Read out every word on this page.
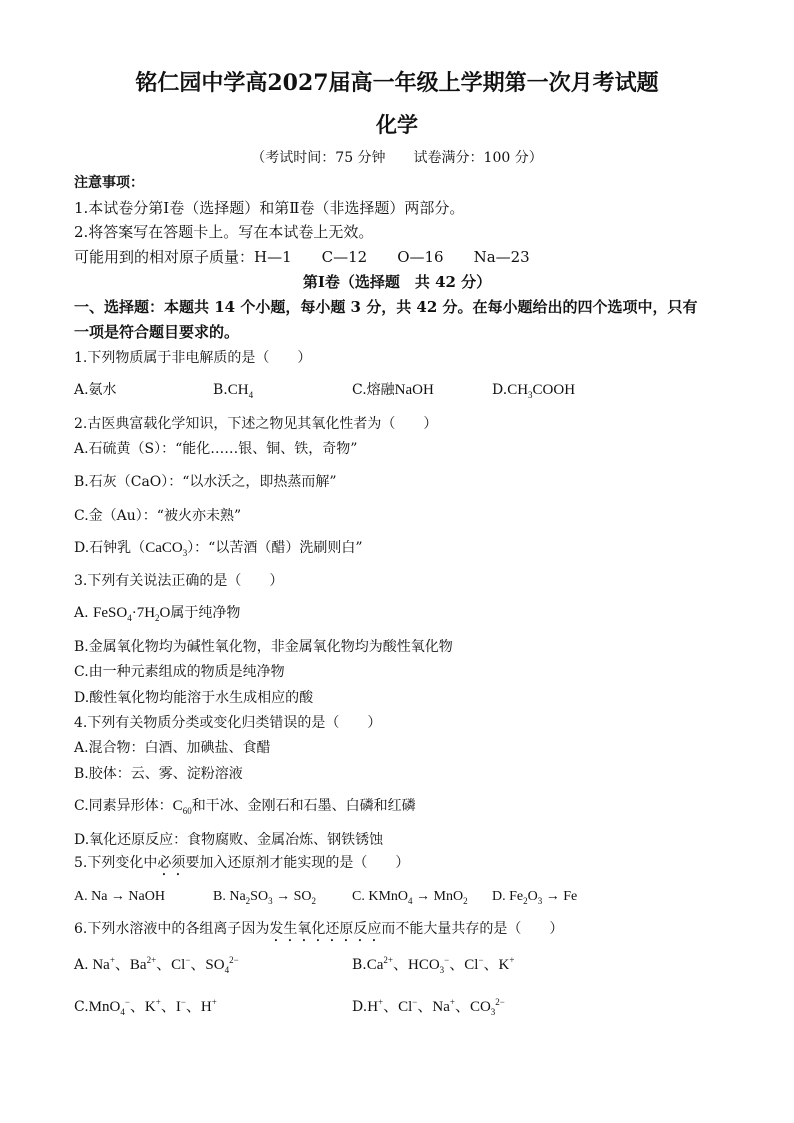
铭仁园中学高2027届高一年级上学期第一次月考试题
化学
（考试时间：75 分钟　　试卷满分：100 分）
注意事项：
1.本试卷分第Ⅰ卷（选择题）和第Ⅱ卷（非选择题）两部分。
2.将答案写在答题卡上。写在本试卷上无效。
可能用到的相对原子质量：H—1　　C—12　　O—16　　Na—23
第Ⅰ卷（选择题　共 42 分）
一、选择题：本题共 14 个小题，每小题 3 分，共 42 分。在每小题给出的四个选项中，只有
一项是符合题目要求的。
1.下列物质属于非电解质的是（　　）
A.氨水	$B.CH_4$	C.熔融NaOH	$D.CH_3COOH$
2.古医典富载化学知识，下述之物见其氧化性者为（　　）
A.石硫黄（S）：“能化……银、铜、铁，奇物”
B.石灰（CaO）：“以水沃之，即热蒸而解”
C.金（Au）：“被火亦未熟”
D.石钟乳（CaCO$_3$）：“以苦酒（醋）洗刷则白”
3.下列有关说法正确的是（　　）
A. $FeSO_4\cdot 7H_2O$属于纯净物
B.金属氧化物均为碱性氧化物，非金属氧化物均为酸性氧化物
C.由一种元素组成的物质是纯净物
D.酸性氧化物均能溶于水生成相应的酸
4.下列有关物质分类或变化归类错误的是（　　）
A.混合物：白酒、加碘盐、食醋
B.胶体：云、雾、淀粉溶液
C.同素异形体：$C_{60}$和干冰、金刚石和石墨、白磷和红磷
D.氧化还原反应：食物腐败、金属冶炼、钢铁锈蚀
5.下列变化中必须要加入还原剂才能实现的是（　　）
A. Na → NaOH	B. $Na_2SO_3 \to SO_2$	C. KMnO$_4$ → MnO$_2$ D. $Fe_2O_3 \to Fe$
6.下列水溶液中的各组离子因为发生氧化还原反应而不能大量共存的是（　　）
A. Na+、$Ba^{2+}$、Cl−、$SO_4^{2-}$	$B.Ca^{2+}$、$HCO_3^-$、Cl−、K+
C.MnO$_4$−、K+、I−、H+	D.H+、Cl−、Na+、$CO_3^{2-}$
